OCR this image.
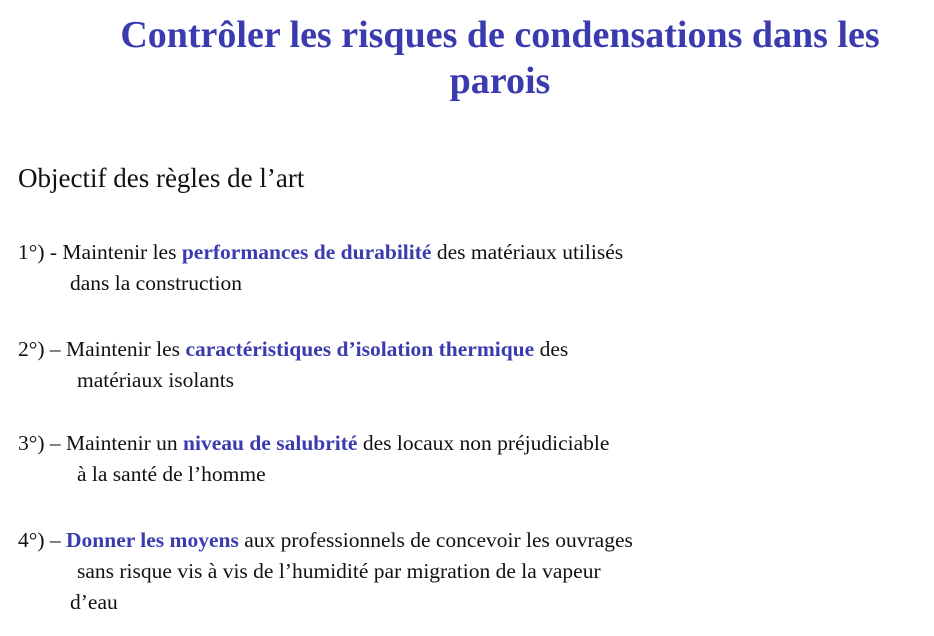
Contrôler les risques de condensations dans les
parois

Objectif des règles de l’art

1°) - Maintenir les performances de durabilité des matériaux utilisés
dans la construction
2°) – Maintenir les caractéristiques d’isolation thermique des
matériaux isolants
3°) – Maintenir un niveau de salubrité des locaux non préjudiciable
à la santé de l’homme
4°) – Donner les moyens aux professionnels de concevoir les ouvrages
sans risque vis à vis de l’humidité par migration de la vapeur
d’eau
